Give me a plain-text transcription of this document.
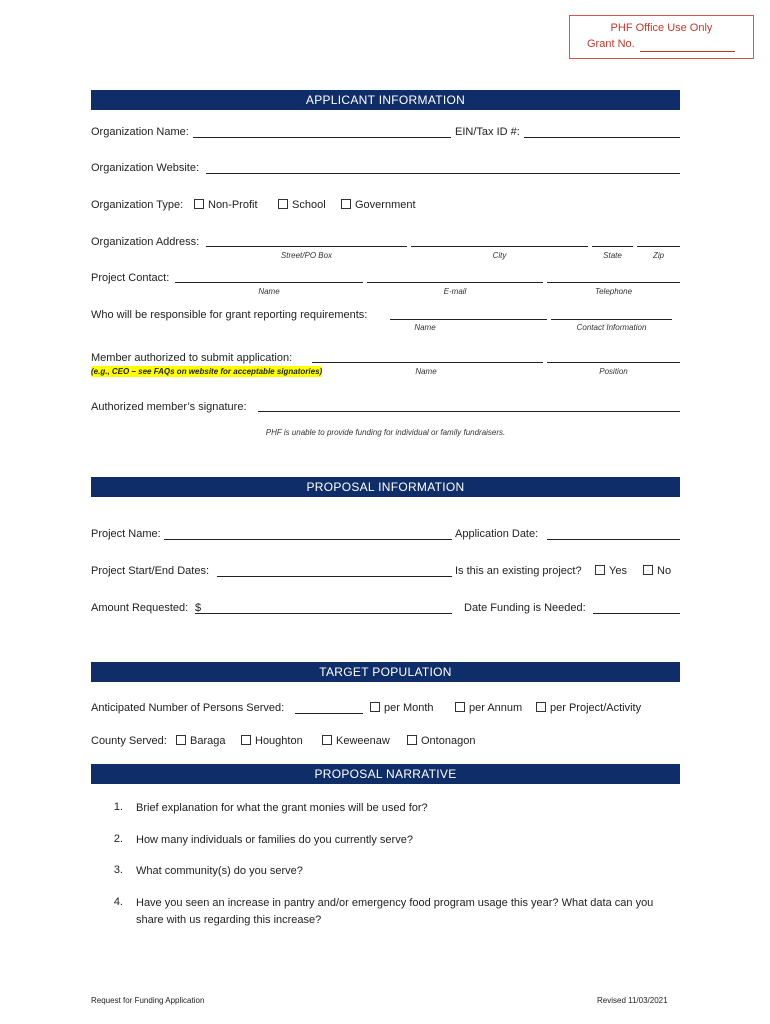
PHF Office Use Only
Grant No.
APPLICANT INFORMATION
Organization Name:	EIN/Tax ID #:
Organization Website:
Organization Type:	Non-Profit	School	Government
Organization Address:
Street/PO Box	City	State	Zip
Project Contact:
Name	E-mail	Telephone
Who will be responsible for grant reporting requirements:
Name	Contact Information
Member authorized to submit application:
(e.g., CEO – see FAQs on website for acceptable signatories)	Name	Position
Authorized member’s signature:
PHF is unable to provide funding for individual or family fundraisers.
PROPOSAL INFORMATION
Project Name:	Application Date:
Project Start/End Dates:	Is this an existing project?	Yes	No
Amount Requested: $	Date Funding is Needed:
TARGET POPULATION
Anticipated Number of Persons Served:	per Month	per Annum	per Project/Activity
County Served:	Baraga	Houghton	Keweenaw	Ontonagon
PROPOSAL NARRATIVE
1. Brief explanation for what the grant monies will be used for?
2. How many individuals or families do you currently serve?
3. What community(s) do you serve?
4. Have you seen an increase in pantry and/or emergency food program usage this year? What data can you
share with us regarding this increase?
Request for Funding Application	Revised 11/03/2021
